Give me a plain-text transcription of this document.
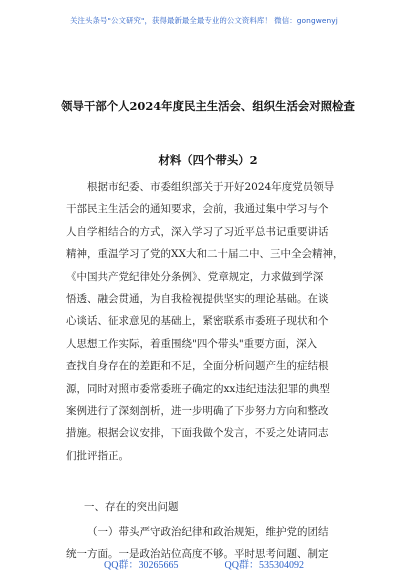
关注头条号"公文研究"，获得最新最全最专业的公文资料库！ 微信：gongwenyj
领导干部个人2024年度民主生活会、组织生活会对照检查
材料（四个带头）2
根据市纪委、市委组织部关于开好2024年度党员领导
干部民主生活会的通知要求，会前，我通过集中学习与个
人自学相结合的方式，深入学习了习近平总书记重要讲话
精神，重温学习了党的XX大和二十届二中、三中全会精神，
《中国共产党纪律处分条例》、党章规定，力求做到学深
悟透、融会贯通，为自我检视提供坚实的理论基础。在谈
心谈话、征求意见的基础上，紧密联系市委班子现状和个
人思想工作实际，着重围绕"四个带头"重要方面，深入
查找自身存在的差距和不足，全面分析问题产生的症结根
源，同时对照市委常委班子确定的xx违纪违法犯罪的典型
案例进行了深刻剖析，进一步明确了下步努力方向和整改
措施。根据会议安排，下面我做个发言，不妥之处请同志
们批评指正。
一、存在的突出问题
（一）带头严守政治纪律和政治规矩，维护党的团结
统一方面。一是政治站位高度不够。平时思考问题、制定
QQ群：30265665	QQ群：535304092
